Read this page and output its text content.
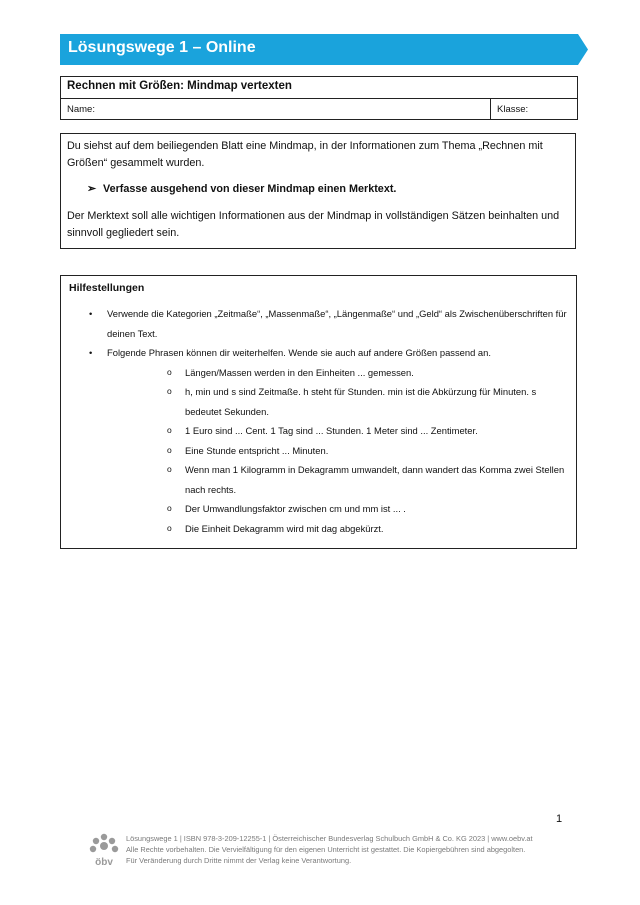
Lösungswege 1 – Online
Rechnen mit Größen: Mindmap vertexten
Name:	Klasse:

Du siehst auf dem beiliegenden Blatt eine Mindmap, in der Informationen zum Thema „Rechnen mit Größen“ gesammelt wurden.

➢ Verfasse ausgehend von dieser Mindmap einen Merktext.

Der Merktext soll alle wichtigen Informationen aus der Mindmap in vollständigen Sätzen beinhalten und sinnvoll gegliedert sein.

Hilfestellungen
• Verwende die Kategorien „Zeitmaße“, „Massenmaße“, „Längenmaße“ und „Geld“ als Zwischenüberschriften für deinen Text.
• Folgende Phrasen können dir weiterhelfen. Wende sie auch auf andere Größen passend an.
o Längen/Massen werden in den Einheiten ... gemessen.
o h, min und s sind Zeitmaße. h steht für Stunden. min ist die Abkürzung für Minuten. s bedeutet Sekunden.
o 1 Euro sind ... Cent. 1 Tag sind ... Stunden. 1 Meter sind ... Zentimeter.
o Eine Stunde entspricht ... Minuten.
o Wenn man 1 Kilogramm in Dekagramm umwandelt, dann wandert das Komma zwei Stellen nach rechts.
o Der Umwandlungsfaktor zwischen cm und mm ist ... .
o Die Einheit Dekagramm wird mit dag abgekürzt.
1
öbv
Lösungswege 1 | ISBN 978-3-209-12255-1 | Österreichischer Bundesverlag Schulbuch GmbH & Co. KG 2023 | www.oebv.at
Alle Rechte vorbehalten. Die Vervielfältigung für den eigenen Unterricht ist gestattet. Die Kopiergebühren sind abgegolten.
Für Veränderung durch Dritte nimmt der Verlag keine Verantwortung.
